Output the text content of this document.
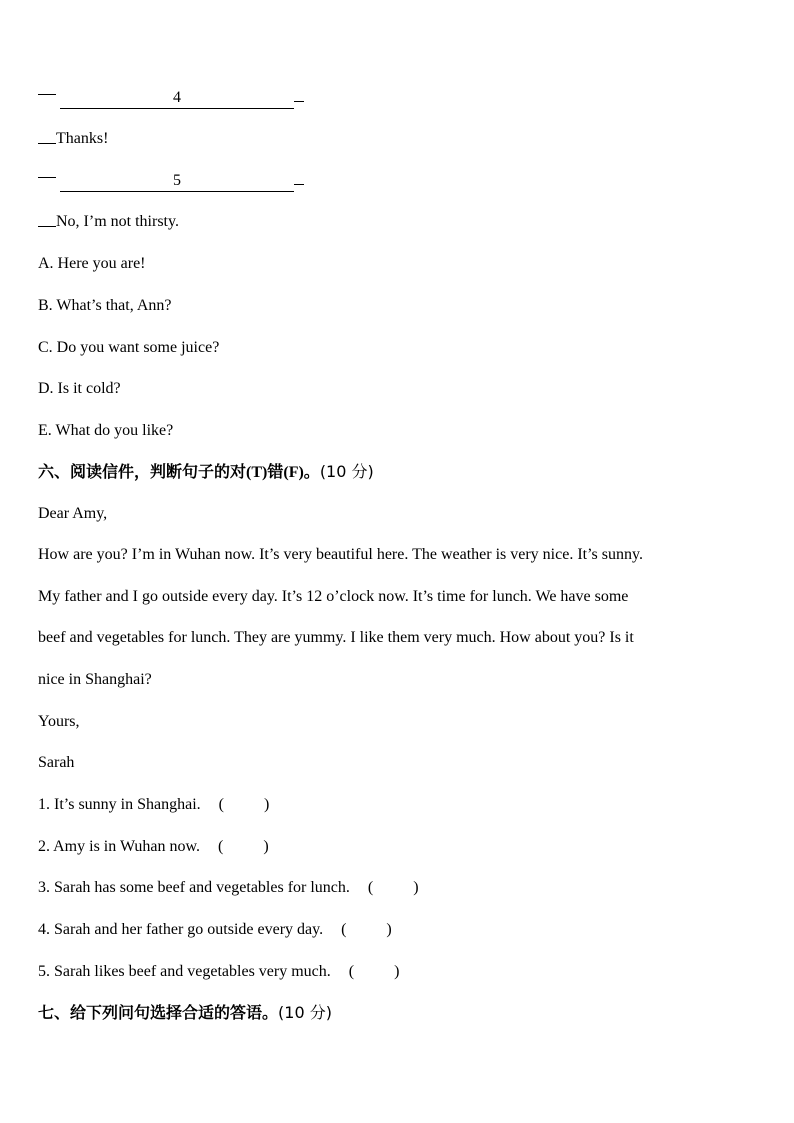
4
Thanks!
5
No, I’m not thirsty.
A. Here you are!
B. What’s that, Ann?
C. Do you want some juice?
D. Is it cold?
E. What do you like?
六、阅读信件，判断句子的对(T)错(F)。(10 分)
Dear Amy,
How are you? I’m in Wuhan now. It’s very beautiful here. The weather is very nice. It’s sunny.
My father and I go outside every day. It’s 12 o’clock now. It’s time for lunch. We have some
beef and vegetables for lunch. They are yummy. I like them very much. How about you? Is it
nice in Shanghai?
Yours,
Sarah
1. It’s sunny in Shanghai. (          )
2. Amy is in Wuhan now. (          )
3. Sarah has some beef and vegetables for lunch. (          )
4. Sarah and her father go outside every day. (          )
5. Sarah likes beef and vegetables very much. (          )
七、给下列问句选择合适的答语。(10 分)
